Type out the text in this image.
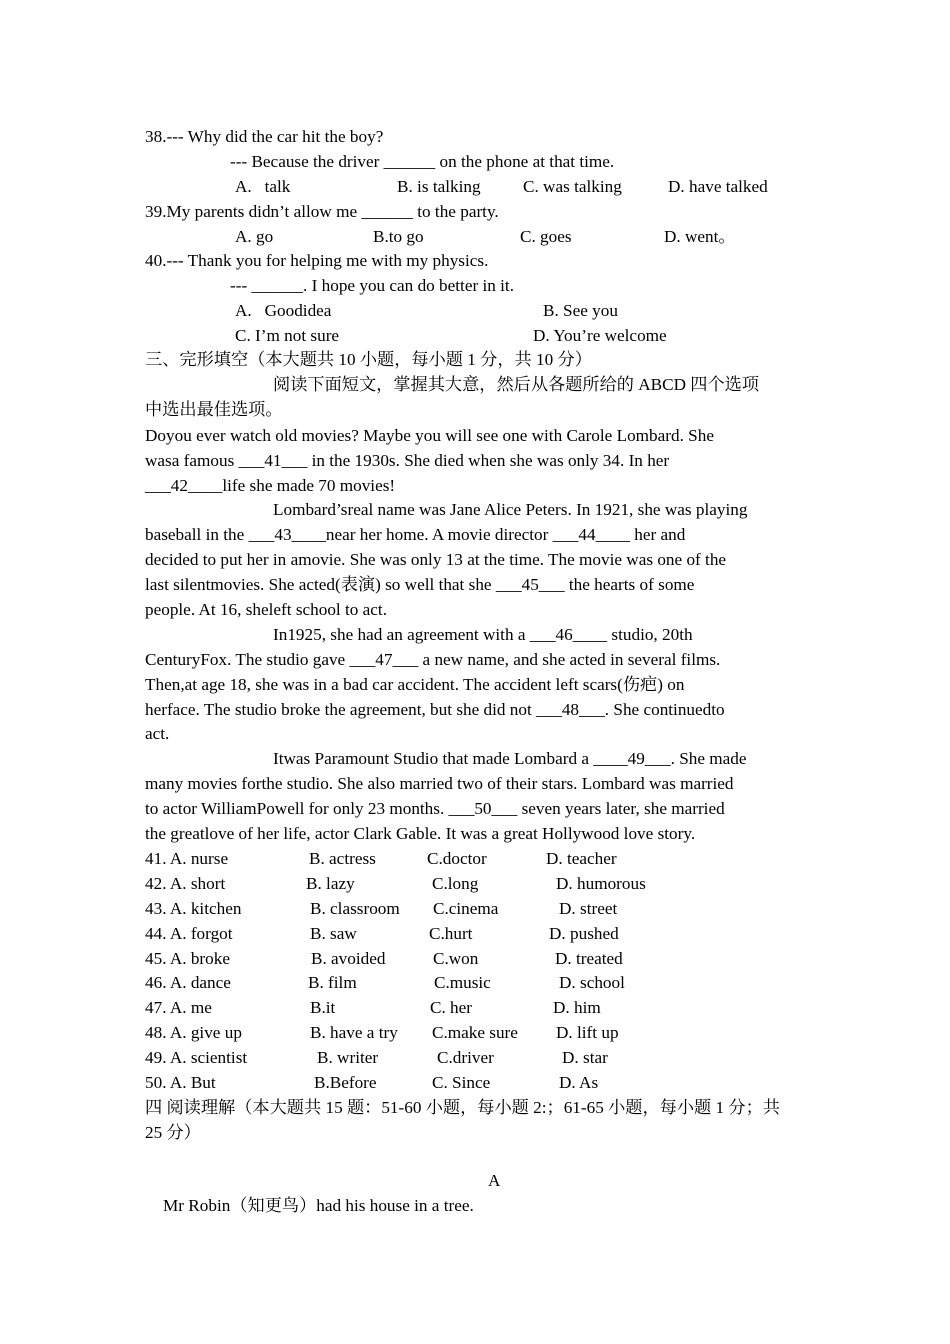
38.--- Why did the car hit the boy?
--- Because the driver ______ on the phone at that time.
A.   talk	B. is talking C. was talking	D. have talked
39.My parents didn’t allow me ______ to the party.
A. go	B.to go	C. goes	D. went。
40.--- Thank you for helping me with my physics.
--- ______. I hope you can do better in it.
A.   Goodidea	B. See you
C. I’m not sure	D. You’re welcome
三、完形填空（本大题共 10 小题，每小题 1 分，共 10 分）
阅读下面短文，掌握其大意，然后从各题所给的 ABCD 四个选项
中选出最佳选项。
Doyou ever watch old movies? Maybe you will see one with Carole Lombard. She
wasa famous ___41___ in the 1930s. She died when she was only 34. In her
___42____life she made 70 movies!
Lombard’sreal name was Jane Alice Peters. In 1921, she was playing
baseball in the ___43____near her home. A movie director ___44____ her and
decided to put her in amovie. She was only 13 at the time. The movie was one of the
last silentmovies. She acted(表演) so well that she ___45___ the hearts of some
people. At 16, sheleft school to act.
In1925, she had an agreement with a ___46____ studio, 20th
CenturyFox. The studio gave ___47___ a new name, and she acted in several films.
Then,at age 18, she was in a bad car accident. The accident left scars(伤疤) on
herface. The studio broke the agreement, but she did not ___48___. She continuedto
act.
Itwas Paramount Studio that made Lombard a ____49___. She made
many movies forthe studio. She also married two of their stars. Lombard was married
to actor WilliamPowell for only 23 months. ___50___ seven years later, she married
the greatlove of her life, actor Clark Gable. It was a great Hollywood love story.
41. A. nurse	B. actress	C.doctor	D. teacher
42. A. short	B. lazy	C.long	D. humorous
43. A. kitchen	B. classroom C.cinema	D. street
44. A. forgot	B. saw	C.hurt	D. pushed
45. A. broke	B. avoided	C.won	D. treated
46. A. dance	B. film	C.music	D. school
47. A. me	B.it	C. her	D. him
48. A. give up	B. have a try C.make sure D. lift up
49. A. scientist	B. writer	C.driver	D. star
50. A. But	B.Before	C. Since	D. As
四 阅读理解（本大题共 15 题：51-60 小题，每小题 2:；61-65 小题，每小题 1 分；共
25 分）
A
Mr Robin（知更鸟）had his house in a tree.
